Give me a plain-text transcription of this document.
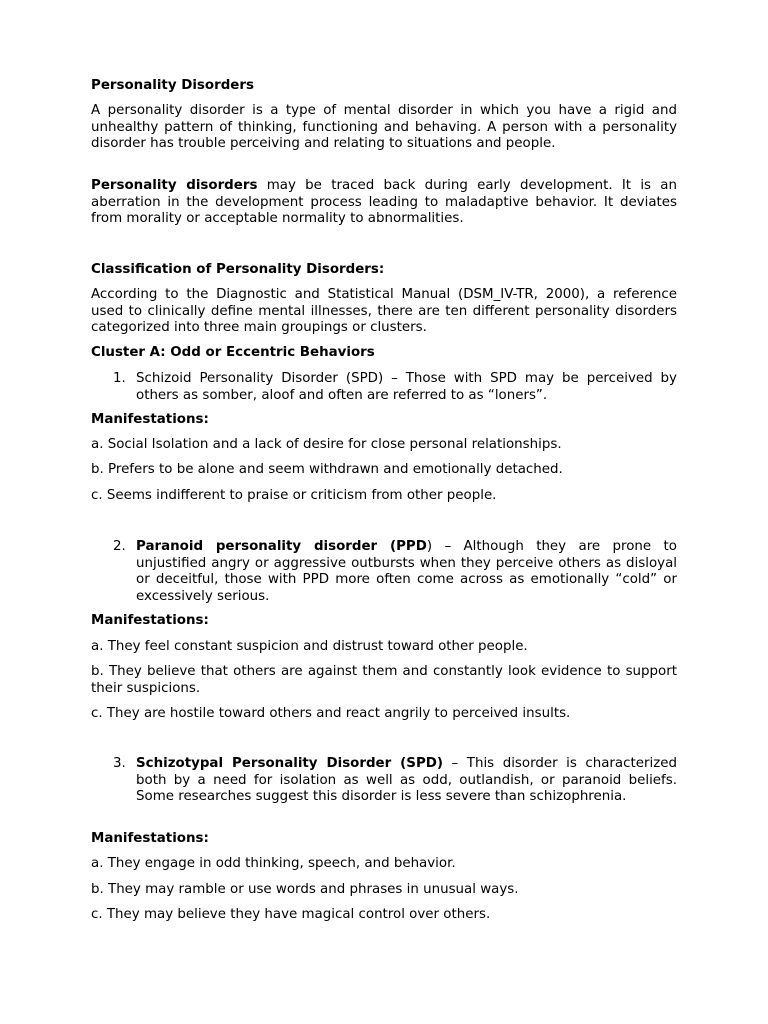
Personality Disorders

A personality disorder is a type of mental disorder in which you have a rigid and unhealthy pattern of thinking, functioning and behaving. A person with a personality disorder has trouble perceiving and relating to situations and people.

Personality disorders may be traced back during early development. It is an aberration in the development process leading to maladaptive behavior. It deviates from morality or acceptable normality to abnormalities.

Classification of Personality Disorders:

According to the Diagnostic and Statistical Manual (DSM_IV-TR, 2000), a reference used to clinically define mental illnesses, there are ten different personality disorders categorized into three main groupings or clusters.

Cluster A: Odd or Eccentric Behaviors

1. Schizoid Personality Disorder (SPD) – Those with SPD may be perceived by others as somber, aloof and often are referred to as “loners”.

Manifestations:

a. Social Isolation and a lack of desire for close personal relationships.

b. Prefers to be alone and seem withdrawn and emotionally detached.

c. Seems indifferent to praise or criticism from other people.

2. Paranoid personality disorder (PPD) – Although they are prone to unjustified angry or aggressive outbursts when they perceive others as disloyal or deceitful, those with PPD more often come across as emotionally “cold” or excessively serious.

Manifestations:

a. They feel constant suspicion and distrust toward other people.

b. They believe that others are against them and constantly look evidence to support their suspicions.

c. They are hostile toward others and react angrily to perceived insults.

3. Schizotypal Personality Disorder (SPD) – This disorder is characterized both by a need for isolation as well as odd, outlandish, or paranoid beliefs. Some researches suggest this disorder is less severe than schizophrenia.

Manifestations:

a. They engage in odd thinking, speech, and behavior.

b. They may ramble or use words and phrases in unusual ways.

c. They may believe they have magical control over others.
